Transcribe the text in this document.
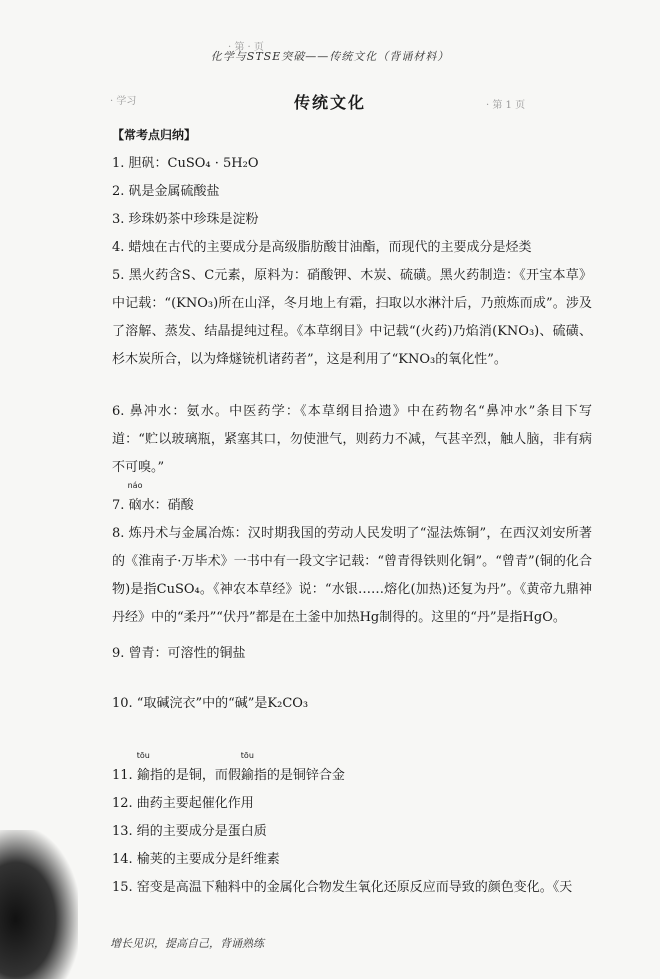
· 第 · 页
· 学习	· 第 1 页
化学与STSE突破——传统文化（背诵材料）
传统文化
【常考点归纳】
1. 胆矾：CuSO₄ · 5H₂O
2. 矾是金属硫酸盐
3. 珍珠奶茶中珍珠是淀粉
4. 蜡烛在古代的主要成分是高级脂肪酸甘油酯，而现代的主要成分是烃类
5. 黑火药含S、C元素，原料为：硝酸钾、木炭、硫磺。黑火药制造：《开宝本草》中记载：“(KNO₃)所在山泽，冬月地上有霜，扫取以水淋汁后，乃煎炼而成”。涉及了溶解、蒸发、结晶提纯过程。《本草纲目》中记载“(火药)乃焰消(KNO₃)、硫磺、杉木炭所合，以为烽燧铳机诸药者”，这是利用了“KNO₃的氧化性”。
6. 鼻冲水：氨水。中医药学：《本草纲目拾遗》中在药物名“鼻冲水”条目下写道：“贮以玻璃瓶，紧塞其口，勿使泄气，则药力不减，气甚辛烈，触人脑，非有病不可嗅。”
7.
náo
硇水：硝酸
8. 炼丹术与金属冶炼：汉时期我国的劳动人民发明了“湿法炼铜”，在西汉刘安所著的《淮南子·万毕术》一书中有一段文字记载：“曾青得铁则化铜”。“曾青”(铜的化合物)是指CuSO₄。《神农本草经》说：“水银……熔化(加热)还复为丹”。《黄帝九鼎神丹经》中的“柔丹”“伏丹”都是在土釜中加热Hg制得的。这里的“丹”是指HgO。
9. 曾青：可溶性的铜盐
10. “取碱浣衣”中的“碱”是K₂CO₃
11.
tōu
鍮指的是铜，而假
tōu
鍮指的是铜锌合金
12. 曲药主要起催化作用
13. 绢的主要成分是蛋白质
14. 榆荚的主要成分是纤维素
15. 窑变是高温下釉料中的金属化合物发生氧化还原反应而导致的颜色变化。《天
增长见识，提高自己，背诵熟练
